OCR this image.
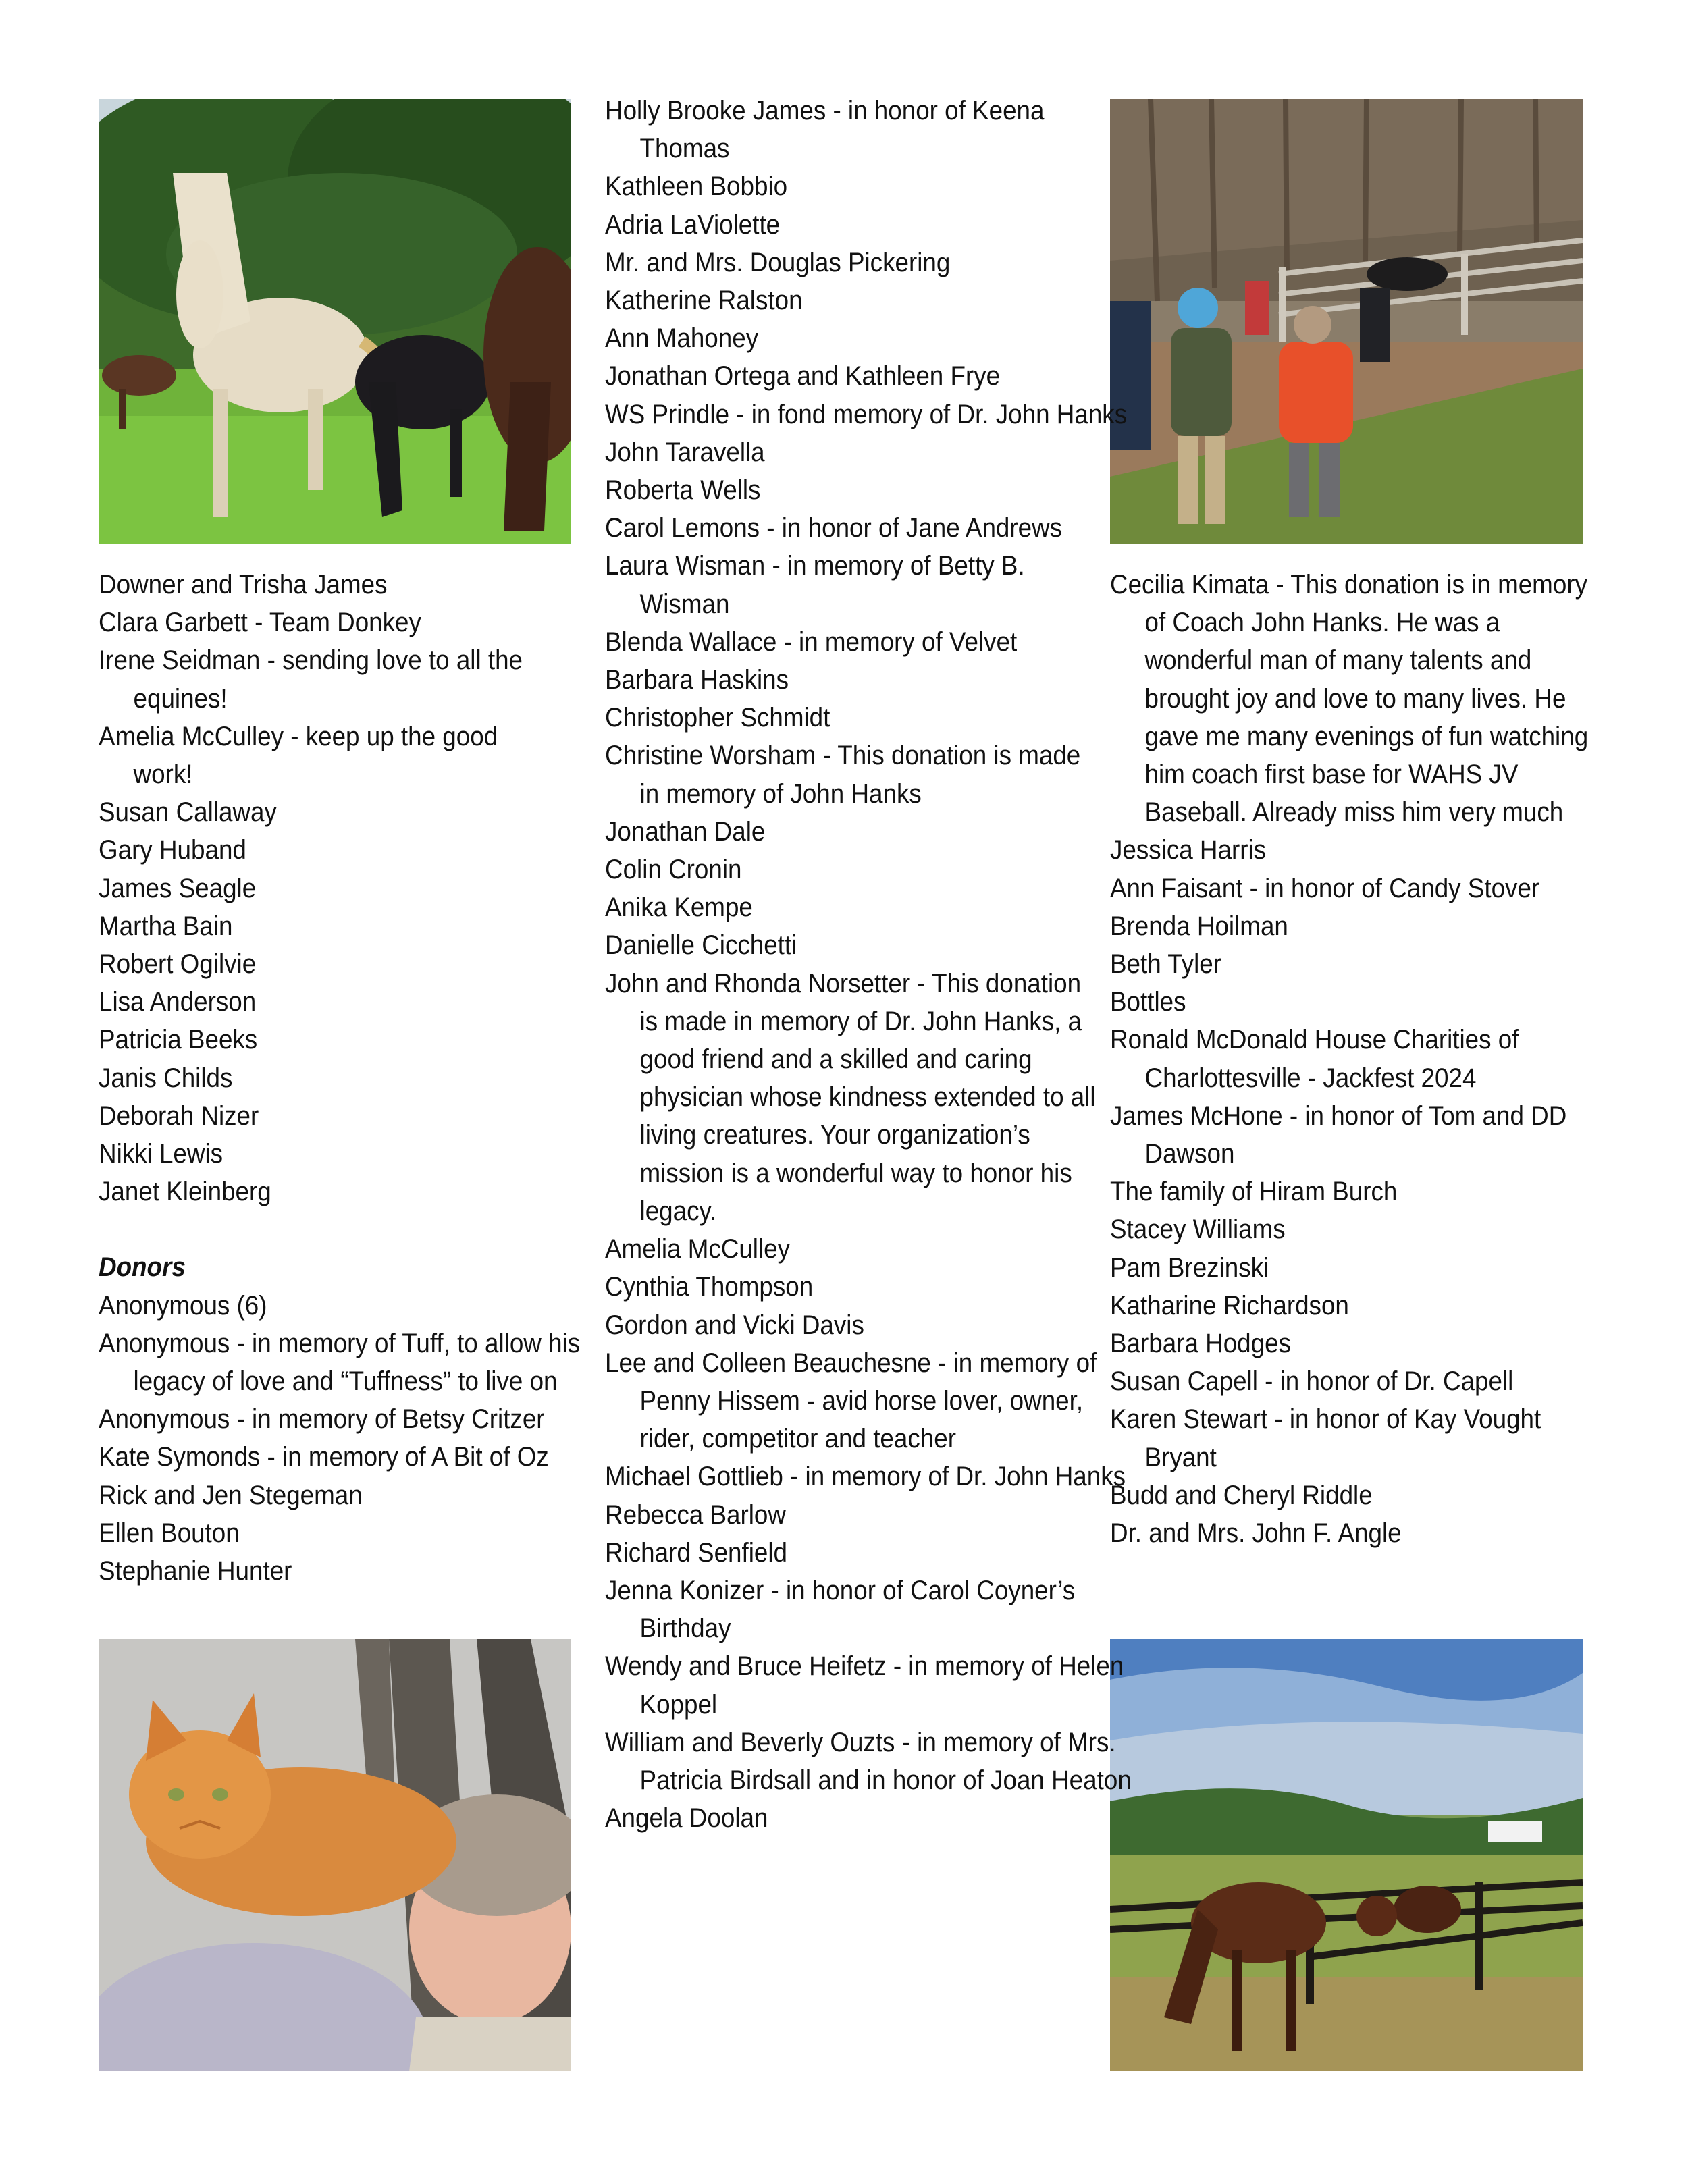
Downer and Trisha James
Clara Garbett - Team Donkey
Irene Seidman - sending love to all the equines!
Amelia McCulley - keep up the good work!
Susan Callaway
Gary Huband
James Seagle
Martha Bain
Robert Ogilvie
Lisa Anderson
Patricia Beeks
Janis Childs
Deborah Nizer
Nikki Lewis
Janet Kleinberg
Donors
Anonymous (6)
Anonymous - in memory of Tuff, to allow his legacy of love and “Tuffness” to live on
Anonymous - in memory of Betsy Critzer
Kate Symonds - in memory of A Bit of Oz
Rick and Jen Stegeman
Ellen Bouton
Stephanie Hunter
Holly Brooke James - in honor of Keena Thomas
Kathleen Bobbio
Adria LaViolette
Mr. and Mrs. Douglas Pickering
Katherine Ralston
Ann Mahoney
Jonathan Ortega and Kathleen Frye
WS Prindle - in fond memory of Dr. John Hanks
John Taravella
Roberta Wells
Carol Lemons - in honor of Jane Andrews
Laura Wisman - in memory of Betty B. Wisman
Blenda Wallace - in memory of Velvet
Barbara Haskins
Christopher Schmidt
Christine Worsham - This donation is made in memory of John Hanks
Jonathan Dale
Colin Cronin
Anika Kempe
Danielle Cicchetti
John and Rhonda Norsetter - This donation is made in memory of Dr. John Hanks, a good friend and a skilled and caring physician whose kindness extended to all living creatures. Your organization’s mission is a wonderful way to honor his legacy.
Amelia McCulley
Cynthia Thompson
Gordon and Vicki Davis
Lee and Colleen Beauchesne - in memory of Penny Hissem - avid horse lover, owner, rider, competitor and teacher
Michael Gottlieb - in memory of Dr. John Hanks
Rebecca Barlow
Richard Senfield
Jenna Konizer - in honor of Carol Coyner’s Birthday
Wendy and Bruce Heifetz - in memory of Helen Koppel
William and Beverly Ouzts - in memory of Mrs. Patricia Birdsall and in honor of Joan Heaton
Angela Doolan
Cecilia Kimata - This donation is in memory of Coach John Hanks. He was a wonderful man of many talents and brought joy and love to many lives. He gave me many evenings of fun watching him coach first base for WAHS JV Baseball. Already miss him very much
Jessica Harris
Ann Faisant - in honor of Candy Stover
Brenda Hoilman
Beth Tyler
Bottles
Ronald McDonald House Charities of Charlottesville - Jackfest 2024
James McHone - in honor of Tom and DD Dawson
The family of Hiram Burch
Stacey Williams
Pam Brezinski
Katharine Richardson
Barbara Hodges
Susan Capell - in honor of Dr. Capell
Karen Stewart - in honor of Kay Vought Bryant
Budd and Cheryl Riddle
Dr. and Mrs. John F. Angle
